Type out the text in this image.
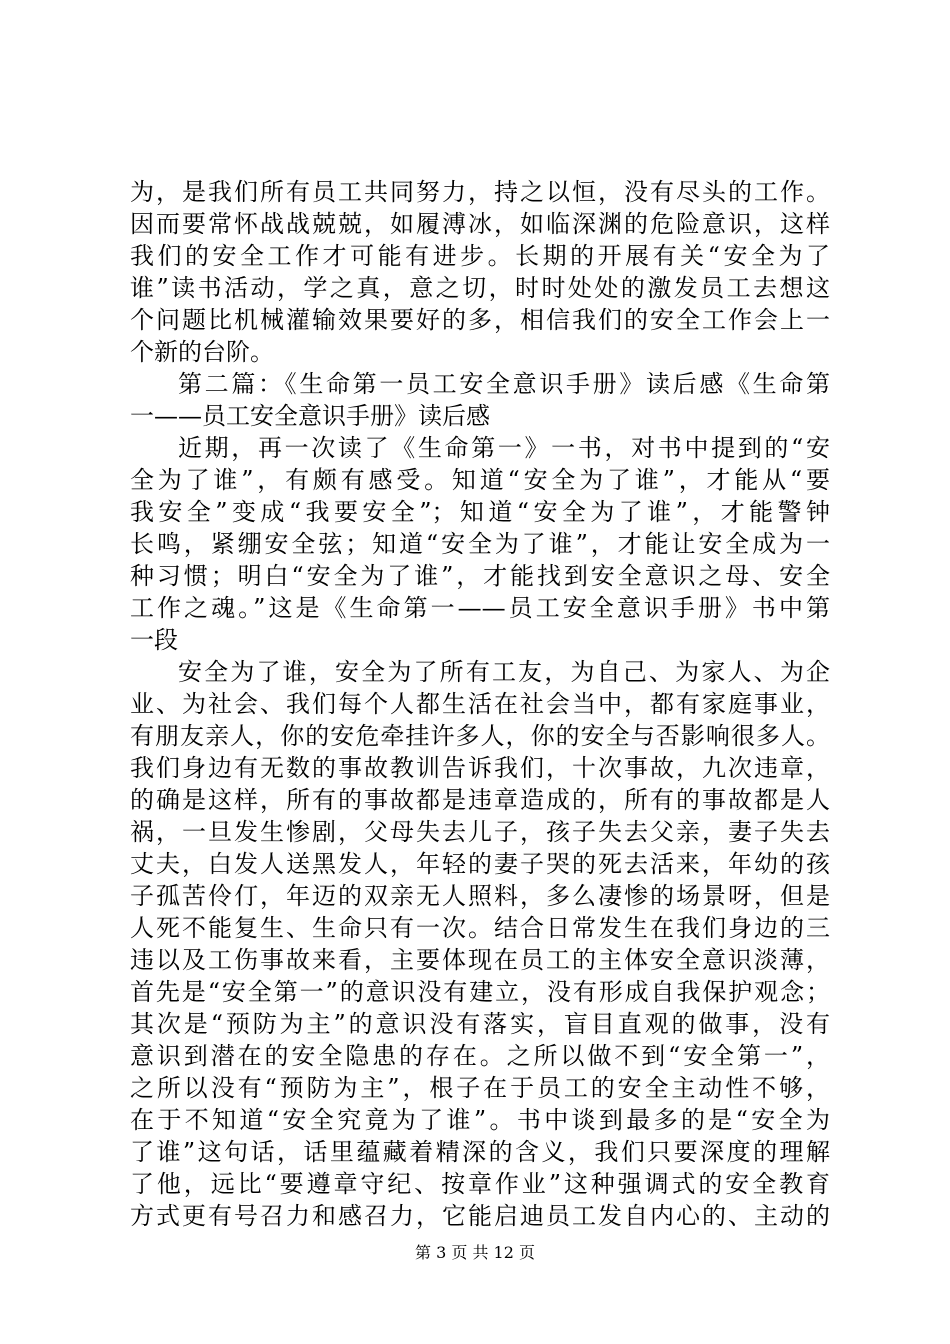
为，是我们所有员工共同努力，持之以恒，没有尽头的工作。
因而要常怀战战兢兢，如履溥冰，如临深渊的危险意识，这样
我们的安全工作才可能有进步。长期的开展有关“安全为了
谁”读书活动，学之真，意之切，时时处处的激发员工去想这
个问题比机械灌输效果要好的多，相信我们的安全工作会上一
个新的台阶。
第二篇：《生命第一员工安全意识手册》读后感《生命第
一——员工安全意识手册》读后感
近期，再一次读了《生命第一》一书，对书中提到的“安
全为了谁”，有颇有感受。知道“安全为了谁”，才能从“要
我安全”变成“我要安全”；知道“安全为了谁”，才能警钟
长鸣，紧绷安全弦；知道“安全为了谁”，才能让安全成为一
种习惯；明白“安全为了谁”，才能找到安全意识之母、安全
工作之魂。”这是《生命第一——员工安全意识手册》书中第
一段
安全为了谁，安全为了所有工友，为自己、为家人、为企
业、为社会、我们每个人都生活在社会当中，都有家庭事业，
有朋友亲人，你的安危牵挂许多人，你的安全与否影响很多人。
我们身边有无数的事故教训告诉我们，十次事故，九次违章，
的确是这样，所有的事故都是违章造成的，所有的事故都是人
祸，一旦发生惨剧，父母失去儿子，孩子失去父亲，妻子失去
丈夫，白发人送黑发人，年轻的妻子哭的死去活来，年幼的孩
子孤苦伶仃，年迈的双亲无人照料，多么凄惨的场景呀，但是
人死不能复生、生命只有一次。结合日常发生在我们身边的三
违以及工伤事故来看，主要体现在员工的主体安全意识淡薄，
首先是“安全第一”的意识没有建立，没有形成自我保护观念；
其次是“预防为主”的意识没有落实，盲目直观的做事，没有
意识到潜在的安全隐患的存在。之所以做不到“安全第一”，
之所以没有“预防为主”，根子在于员工的安全主动性不够，
在于不知道“安全究竟为了谁”。书中谈到最多的是“安全为
了谁”这句话，话里蕴藏着精深的含义，我们只要深度的理解
了他，远比“要遵章守纪、按章作业”这种强调式的安全教育
方式更有号召力和感召力，它能启迪员工发自内心的、主动的
第 3 页 共 12 页
